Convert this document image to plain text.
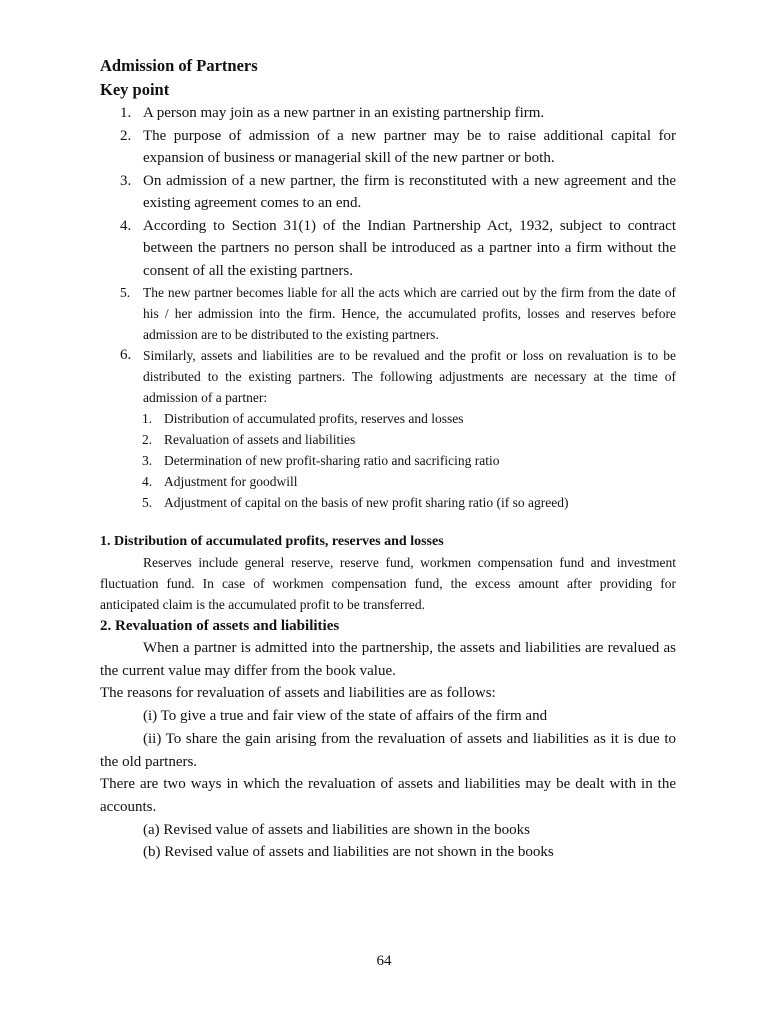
Admission of Partners
Key point
1. A person may join as a new partner in an existing partnership firm.
2. The purpose of admission of a new partner may be to raise additional capital for expansion of business or managerial skill of the new partner or both.
3. On admission of a new partner, the firm is reconstituted with a new agreement and the existing agreement comes to an end.
4. According to Section 31(1) of the Indian Partnership Act, 1932, subject to contract between the partners no person shall be introduced as a partner into a firm without the consent of all the existing partners.
5. The new partner becomes liable for all the acts which are carried out by the firm from the date of his / her admission into the firm. Hence, the accumulated profits, losses and reserves before admission are to be distributed to the existing partners.
6. Similarly, assets and liabilities are to be revalued and the profit or loss on revaluation is to be distributed to the existing partners. The following adjustments are necessary at the time of admission of a partner:
1. Distribution of accumulated profits, reserves and losses
2. Revaluation of assets and liabilities
3. Determination of new profit-sharing ratio and sacrificing ratio
4. Adjustment for goodwill
5. Adjustment of capital on the basis of new profit sharing ratio (if so agreed)
1. Distribution of accumulated profits, reserves and losses

Reserves include general reserve, reserve fund, workmen compensation fund and investment fluctuation fund. In case of workmen compensation fund, the excess amount after providing for anticipated claim is the accumulated profit to be transferred.

2. Revaluation of assets and liabilities

When a partner is admitted into the partnership, the assets and liabilities are revalued as the current value may differ from the book value.

The reasons for revaluation of assets and liabilities are as follows:

(i) To give a true and fair view of the state of affairs of the firm and

(ii) To share the gain arising from the revaluation of assets and liabilities as it is due to the old partners.

There are two ways in which the revaluation of assets and liabilities may be dealt with in the accounts.

(a) Revised value of assets and liabilities are shown in the books

(b) Revised value of assets and liabilities are not shown in the books

64
